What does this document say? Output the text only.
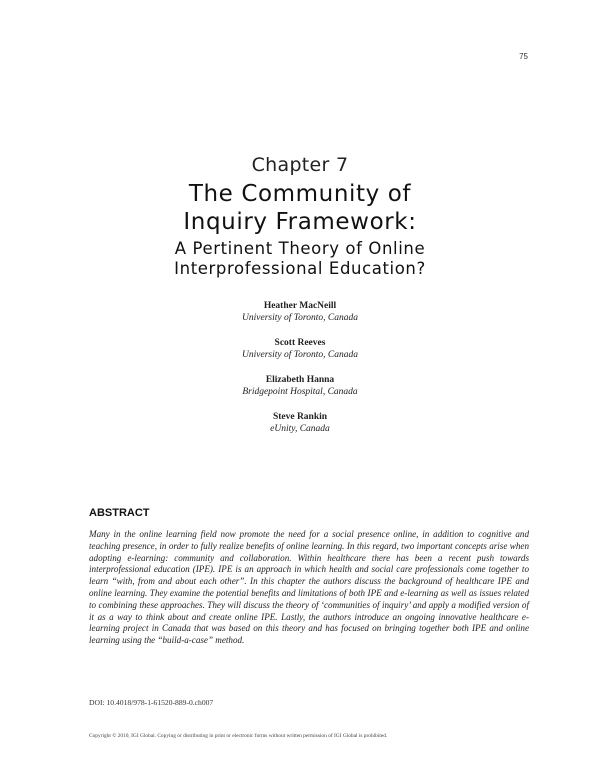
75
Chapter 7
The Community of
Inquiry Framework:
A Pertinent Theory of Online
Interprofessional Education?
Heather MacNeill
University of Toronto, Canada
Scott Reeves
University of Toronto, Canada
Elizabeth Hanna
Bridgepoint Hospital, Canada
Steve Rankin
eUnity, Canada
ABSTRACT

Many in the online learning field now promote the need for a social presence online, in addition to cognitive and teaching presence, in order to fully realize benefits of online learning. In this regard, two important concepts arise when adopting e-learning: community and collaboration. Within healthcare there has been a recent push towards interprofessional education (IPE). IPE is an approach in which health and social care professionals come together to learn “with, from and about each other”. In this chapter the authors discuss the background of healthcare IPE and online learning. They examine the potential benefits and limitations of both IPE and e-learning as well as issues related to combining these approaches. They will discuss the theory of ‘communities of inquiry’ and apply a modified version of it as a way to think about and create online IPE. Lastly, the authors introduce an ongoing innovative healthcare e-learning project in Canada that was based on this theory and has focused on bringing together both IPE and online learning using the “build-a-case” method.

DOI: 10.4018/978-1-61520-889-0.ch007
Copyright © 2010, IGI Global. Copying or distributing in print or electronic forms without written permission of IGI Global is prohibited.
